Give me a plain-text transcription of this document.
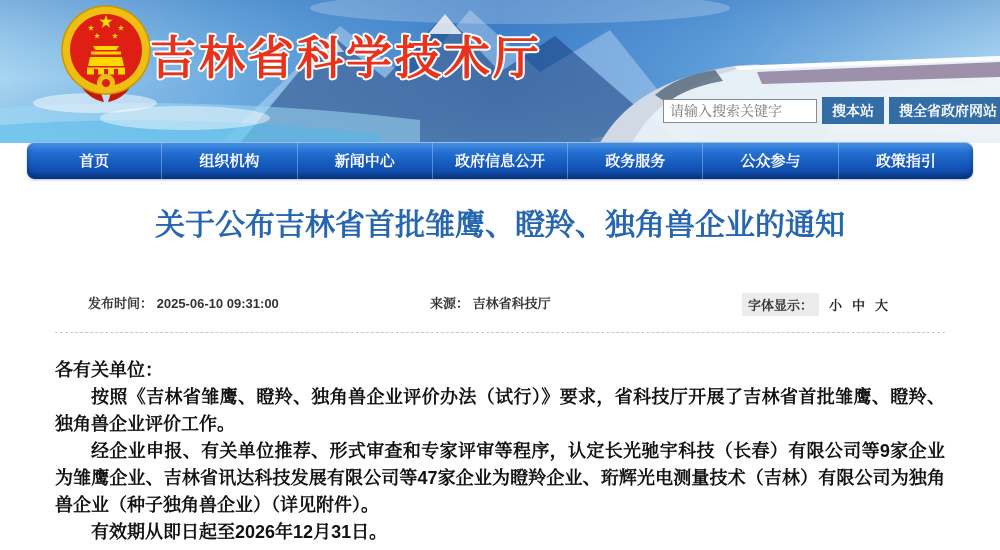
吉林省科学技术厅
请输入搜索关键字
搜本站	搜全省政府网站
首页	组织机构	新闻中心	政府信息公开	政务服务	公众参与	政策指引
关于公布吉林省首批雏鹰、瞪羚、独角兽企业的通知
发布时间： 2025-06-10 09:31:00	来源： 吉林省科技厅	字体显示：	小 中 大

各有关单位：

按照《吉林省雏鹰、瞪羚、独角兽企业评价办法（试行）》要求，省科技厅开展了吉林省首批雏鹰、瞪羚、独角兽企业评价工作。

经企业申报、有关单位推荐、形式审查和专家评审等程序，认定长光驰宇科技（长春）有限公司等9家企业为雏鹰企业、吉林省讯达科技发展有限公司等47家企业为瞪羚企业、珩辉光电测量技术（吉林）有限公司为独角兽企业（种子独角兽企业）（详见附件）。

有效期从即日起至2026年12月31日。
